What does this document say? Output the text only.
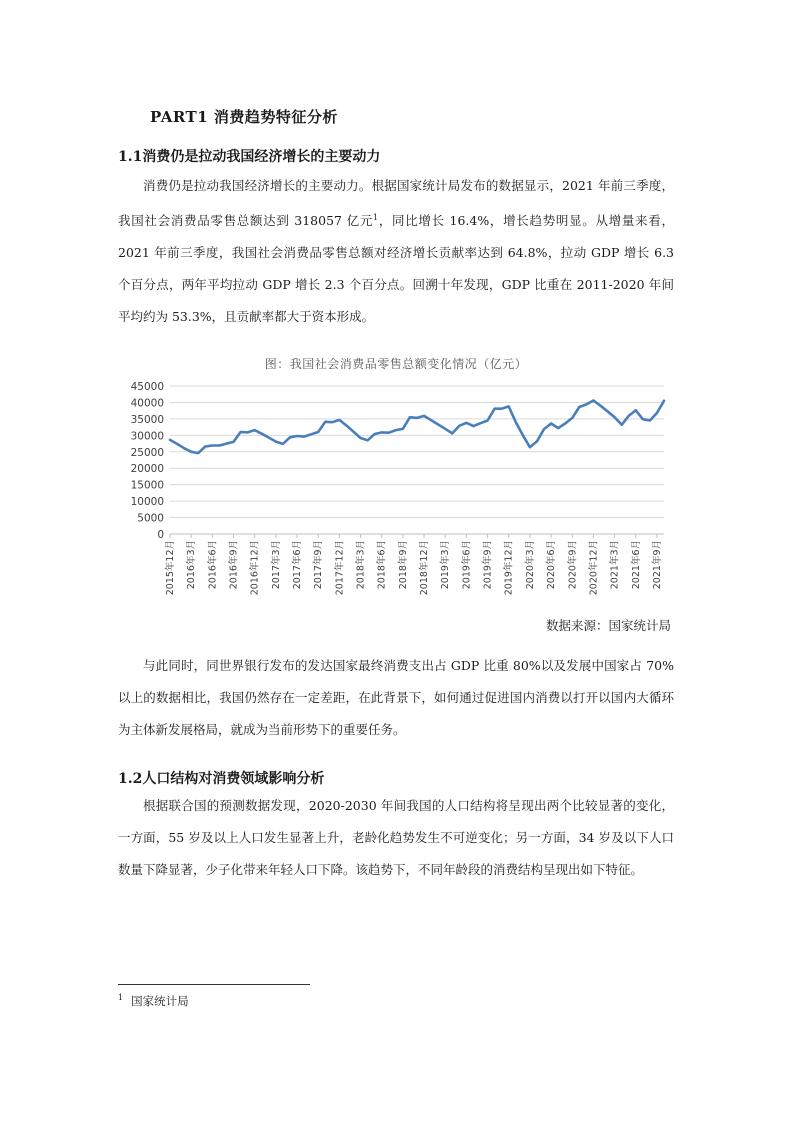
PART1 消费趋势特征分析
1.1消费仍是拉动我国经济增长的主要动力

消费仍是拉动我国经济增长的主要动力。根据国家统计局发布的数据显示，2021 年前三季度，我国社会消费品零售总额达到 318057 亿元$^1$，同比增长 16.4%，增长趋势明显。从增量来看，2021 年前三季度，我国社会消费品零售总额对经济增长贡献率达到 64.8%，拉动 GDP 增长 6.3 个百分点，两年平均拉动 GDP 增长 2.3 个百分点。回溯十年发现，GDP 比重在 2011-2020 年间平均约为 53.3%，且贡献率都大于资本形成。

图：我国社会消费品零售总额变化情况（亿元）
0
5000
10000
15000
20000
25000
30000
35000
40000
45000
2015年12月 2016年3月 2016年6月 2016年9月 2016年12月 2017年3月 2017年6月 2017年9月 2017年12月 2018年3月 2018年6月 2018年9月 2018年12月 2019年3月 2019年6月 2019年9月 2019年12月 2020年3月 2020年6月 2020年9月 2020年12月 2021年3月 2021年6月 2021年9月
数据来源：国家统计局

与此同时，同世界银行发布的发达国家最终消费支出占 GDP 比重 80%以及发展中国家占 70%以上的数据相比，我国仍然存在一定差距，在此背景下，如何通过促进国内消费以打开以国内大循环为主体新发展格局，就成为当前形势下的重要任务。

1.2人口结构对消费领域影响分析

根据联合国的预测数据发现，2020-2030 年间我国的人口结构将呈现出两个比较显著的变化，一方面，55 岁及以上人口发生显著上升，老龄化趋势发生不可逆变化；另一方面，34 岁及以下人口数量下降显著，少子化带来年轻人口下降。该趋势下，不同年龄段的消费结构呈现出如下特征。

$^1$ 国家统计局
